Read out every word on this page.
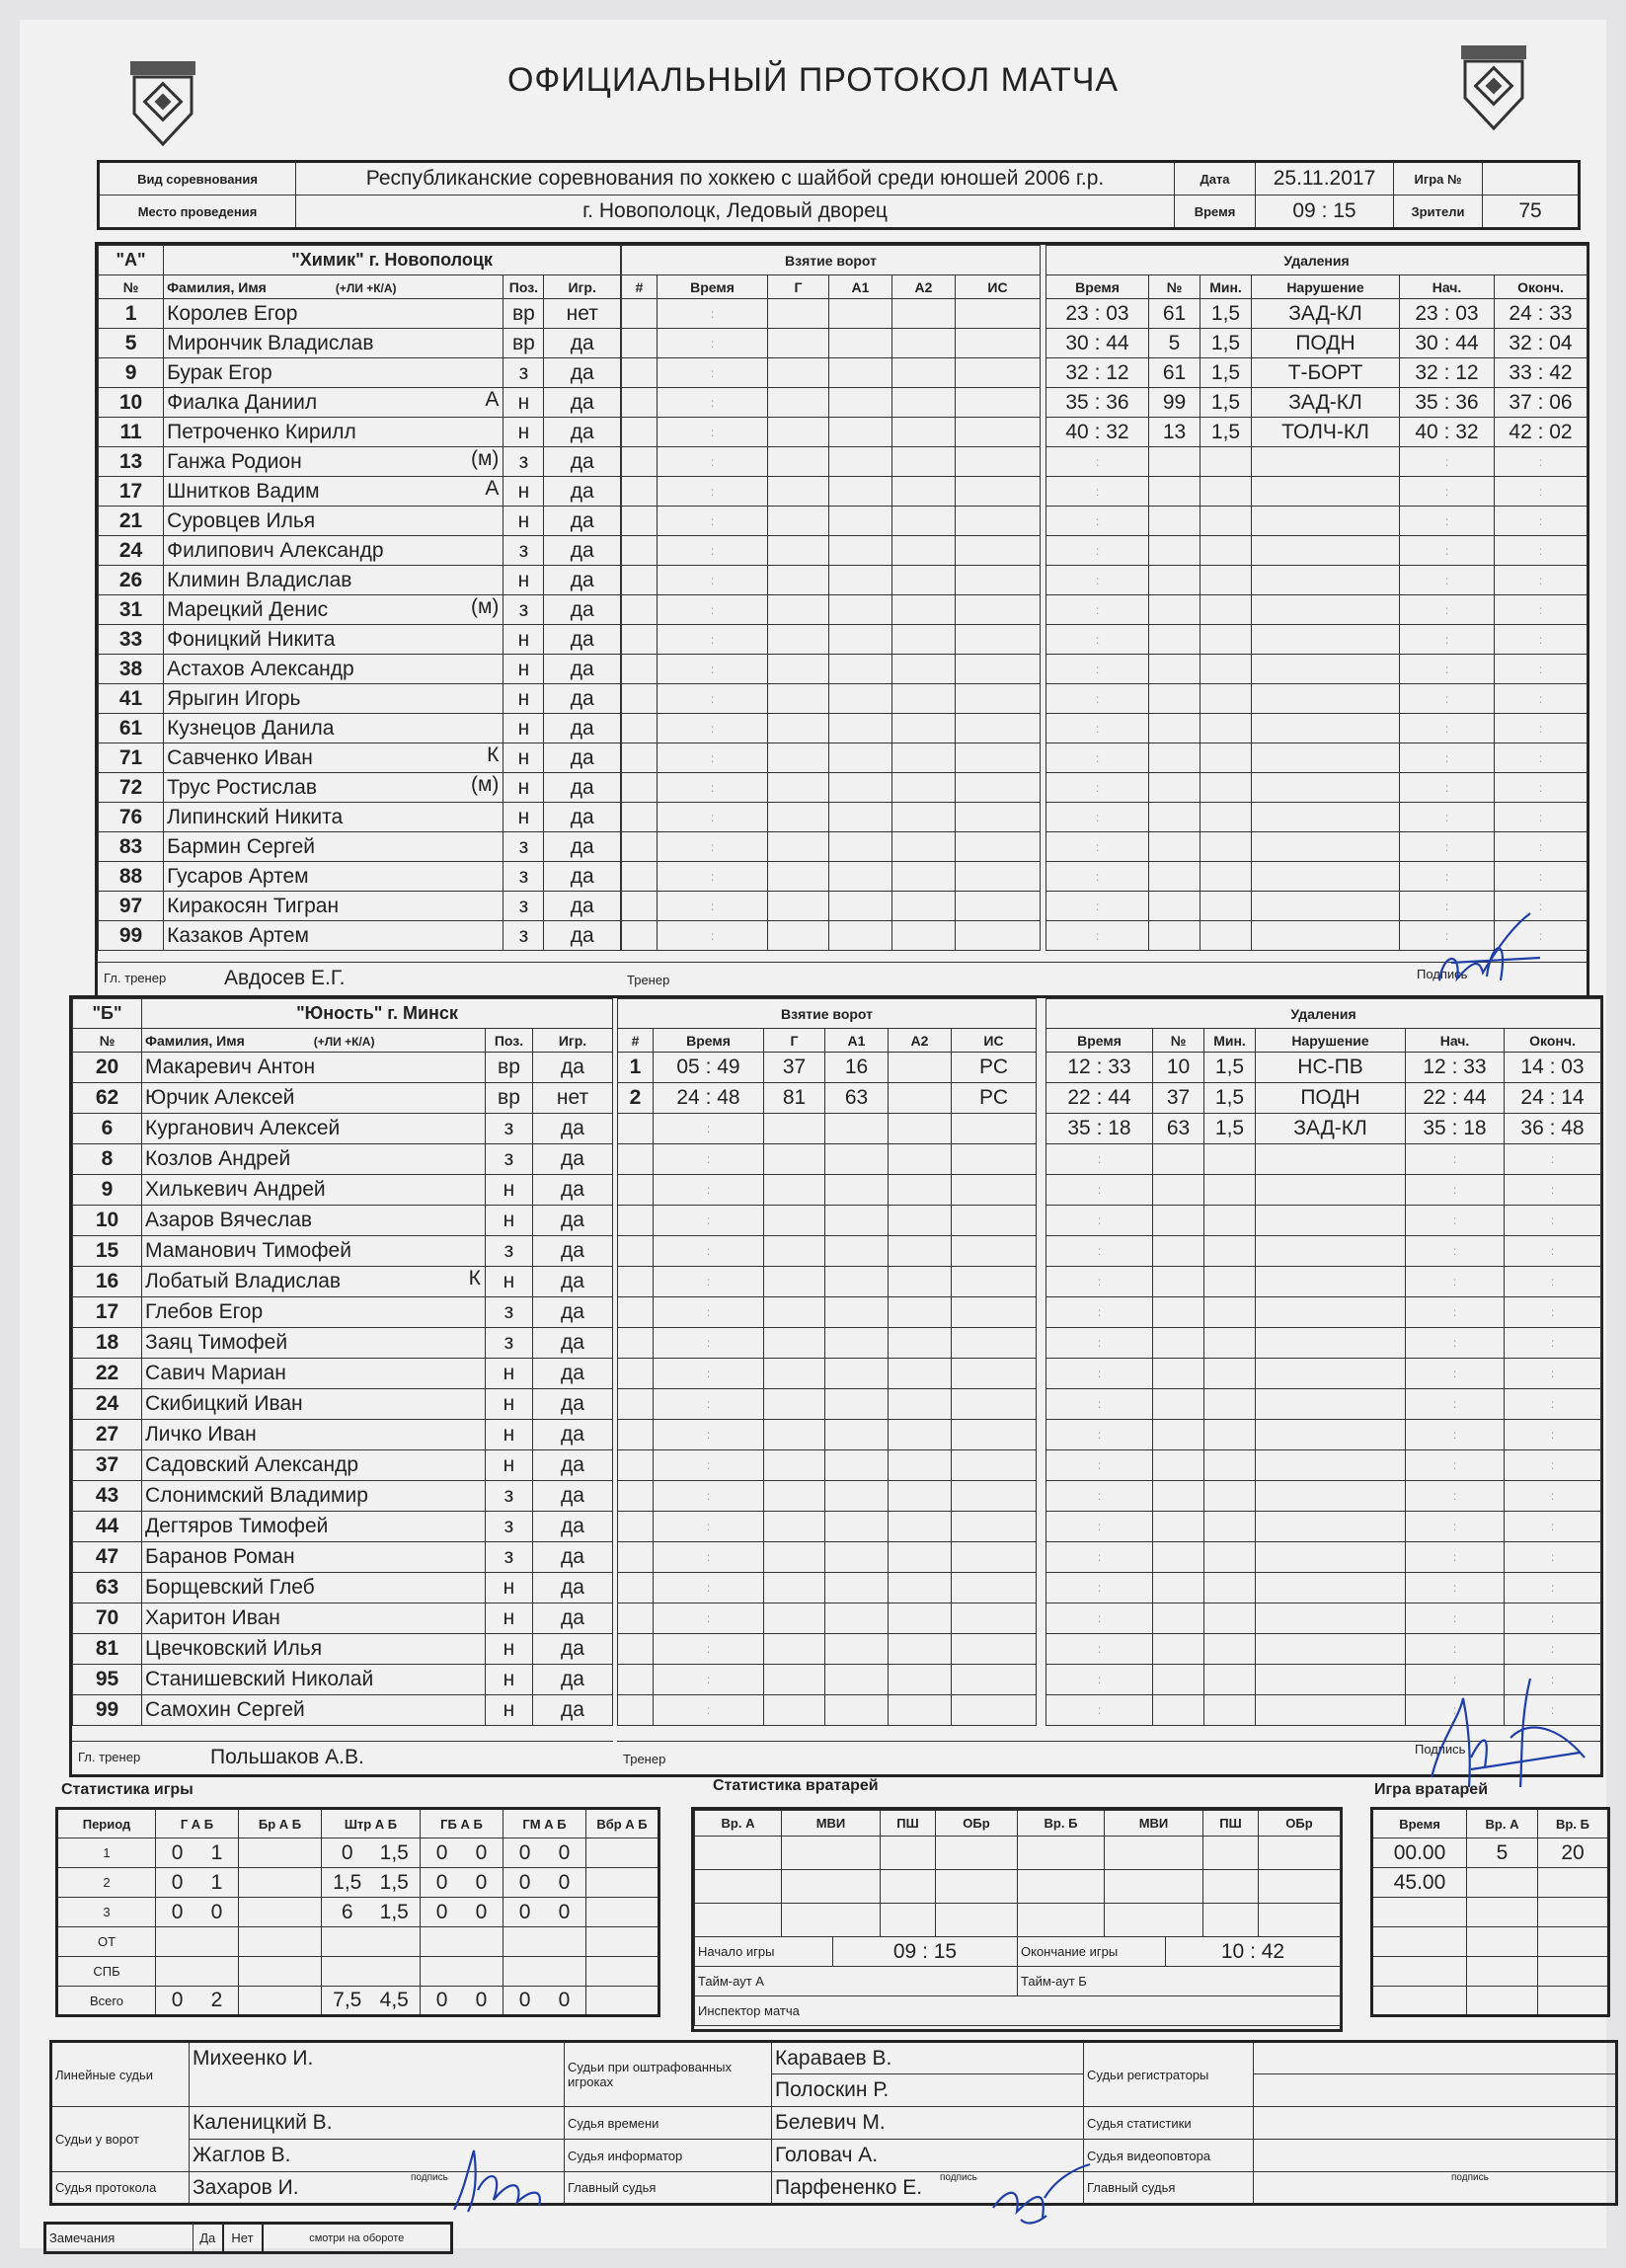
ОФИЦИАЛЬНЫЙ ПРОТОКОЛ МАТЧА
Вид соревнования	Республиканские соревнования по хоккею с шайбой среди юношей 2006 г.р.	Дата	25.11.2017	Игра №	
Место проведения	г. Новополоцк, Ледовый дворец	Время	09 : 15	Зрители	75
"А"	"Химик" г. Новополоцк		
№	Фамилия, Имя (+ЛИ +К/А)	Поз.	Игр.
1	Королев Егор	вр	нет
5	Мирончик Владислав	вр	да
9	Бурак Егор	з	да
10	Фиалка Даниил А	н	да
11	Петроченко Кирилл	н	да
13	Ганжа Родион (м)	з	да
17	Шнитков Вадим А	н	да
21	Суровцев Илья	н	да
24	Филипович Александр	з	да
26	Климин Владислав	н	да
31	Марецкий Денис (м)	з	да
33	Фоницкий Никита	н	да
38	Астахов Александр	н	да
41	Ярыгин Игорь	н	да
61	Кузнецов Данила	н	да
71	Савченко Иван К	н	да
72	Трус Ростислав (м)	н	да
76	Липинский Никита	н	да
83	Бармин Сергей	з	да
88	Гусаров Артем	з	да
97	Киракосян Тигран	з	да
99	Казаков Артем	з	да
Взятие ворот					
#	Время	Г	А1	А2	ИС
	:				
	:				
	:				
	:				
	:				
	:				
	:				
	:				
	:				
	:				
	:				
	:				
	:				
	:				
	:				
	:				
	:				
	:				
	:				
	:				
	:				
	:				
Удаления					
Время	№	Мин.	Нарушение	Нач.	Оконч.
23 : 03	61	1,5	ЗАД-КЛ	23 : 03	24 : 33
30 : 44	5	1,5	ПОДН	30 : 44	32 : 04
32 : 12	61	1,5	Т-БОРТ	32 : 12	33 : 42
35 : 36	99	1,5	ЗАД-КЛ	35 : 36	37 : 06
40 : 32	13	1,5	ТОЛЧ-КЛ	40 : 32	42 : 02
:				:	:
:				:	:
:				:	:
:				:	:
:				:	:
:				:	:
:				:	:
:				:	:
:				:	:
:				:	:
:				:	:
:				:	:
:				:	:
:				:	:
:				:	:
:				:	:
:				:	:
Гл. тренер	Авдосев Е.Г.	Тренер	Подпись
"Б"	"Юность" г. Минск		
№	Фамилия, Имя (+ЛИ +К/А)	Поз.	Игр.
20	Макаревич Антон	вр	да
62	Юрчик Алексей	вр	нет
6	Курганович Алексей	з	да
8	Козлов Андрей	з	да
9	Хилькевич Андрей	н	да
10	Азаров Вячеслав	н	да
15	Маманович Тимофей	з	да
16	Лобатый Владислав К	н	да
17	Глебов Егор	з	да
18	Заяц Тимофей	з	да
22	Савич Мариан	н	да
24	Скибицкий Иван	н	да
27	Личко Иван	н	да
37	Садовский Александр	н	да
43	Слонимский Владимир	з	да
44	Дегтяров Тимофей	з	да
47	Баранов Роман	з	да
63	Борщевский Глеб	н	да
70	Харитон Иван	н	да
81	Цвечковский Илья	н	да
95	Станишевский Николай	н	да
99	Самохин Сергей	н	да
Взятие ворот					
#	Время	Г	А1	А2	ИС
1	05 : 49	37	16		РС
2	24 : 48	81	63		РС
	:				
	:				
	:				
	:				
	:				
	:				
	:				
	:				
	:				
	:				
	:				
	:				
	:				
	:				
	:				
	:				
	:				
	:				
	:				
	:				
Удаления					
Время	№	Мин.	Нарушение	Нач.	Оконч.
12 : 33	10	1,5	НС-ПВ	12 : 33	14 : 03
22 : 44	37	1,5	ПОДН	22 : 44	24 : 14
35 : 18	63	1,5	ЗАД-КЛ	35 : 18	36 : 48
:				:	:
:				:	:
:				:	:
:				:	:
:				:	:
:				:	:
:				:	:
:				:	:
:				:	:
:				:	:
:				:	:
:				:	:
:				:	:
:				:	:
:				:	:
:				:	:
:				:	:
:				:	:
:				:	:
Гл. тренер	Польшаков А.В.	Тренер
Подпись
Статистика игры	Статистика вратарей	Игра вратарей
Период	Г А Б	Бр А Б	Штр А Б	ГБ А Б	ГМ А Б	Вбр А Б
1	0 1		0 1,5	0 0	0 0	
2	0 1		1,5 1,5	0 0	0 0	
3	0 0		6 1,5	0 0	0 0	
ОТ						
СПБ						
Всего	0 2		7,5 4,5	0 0	0 0	
Вр. А	МВИ	ПШ	ОБр	Вр. Б	МВИ	ПШ	ОБр

Начало игры	09 : 15	Окончание игры	10 : 42
Тайм-аут А		Тайм-аут Б	
Инспектор матча			
Время	Вр. А	Вр. Б
00.00	5	20
45.00		

Линейные судьи	Михеенко И.	Судьи при оштрафованных игроках	Караваев В.	Судьи регистраторы	
			Полоскин Р.		
Судьи у ворот	Каленицкий В.	Судья времени	Белевич М.	Судья статистики	
	Жаглов В.	Судья информатор	Головач А.	Судья видеоповтора	
Судья протокола	Захаров И. подпись	Главный судья	Парфененко Е. подпись	Главный судья	подпись
Замечания	Да	Нет	смотри на обороте
